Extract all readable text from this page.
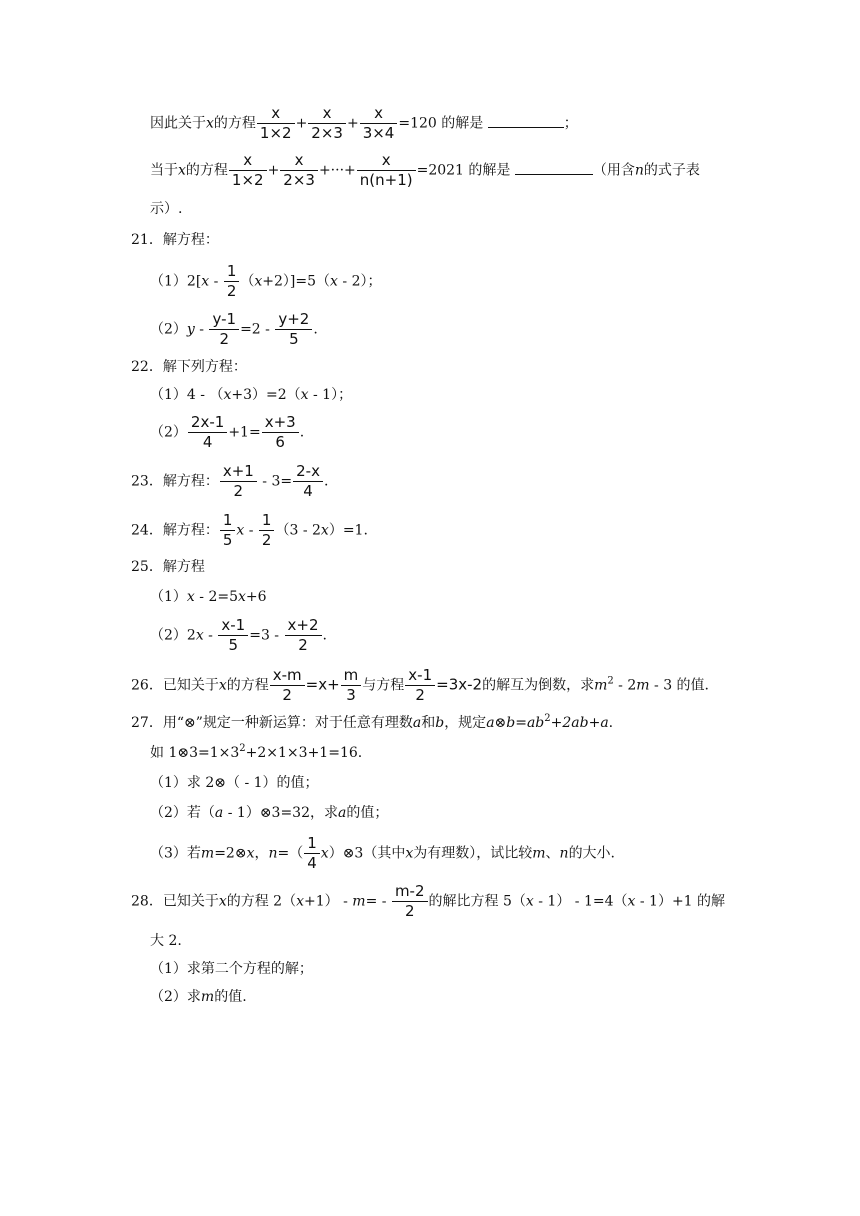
因此关于x的方程 $\frac{x}{1\times 2} + \frac{x}{2\times 3} + \frac{x}{3\times 4} =120$ 的解是	；
当于x的方程 $\frac{x}{1\times 2} + \frac{x}{2\times 3}$ +···+ $\frac{x}{n(n+1)} =2021$ 的解是	（用含n的式子表
示）.
21．解方程：
$(1)2[x - \frac{1}{2} (x+2)]=5(x - 2)$；
$(2)y - \frac{y-1}{2} =2 - \frac{y+2}{5}$ .
22．解下列方程：
（1）4 - （x+3）=2（x - 1）；
$(2) \frac{2x-1}{4} +1= \frac{x+3}{6}$ .
23．解方程： $\frac{x+1}{2} - 3= \frac{2-x}{4}$ .
24．解方程： $\frac{1}{5}$ $x - \frac{1}{2} (3 - 2x)=1$.
25．解方程
（1）x - 2=5x+6
$(2)2x - \frac{x-1}{5} =3 - \frac{x+2}{2}$ .
26．已知关于x的方程 $\frac{x-m}{2} =x+ \frac{m}{3}$ 与方程 $\frac{x-1}{2} =3x-2$的解互为倒数，求$m^2 - 2m - 3$ 的值.
27．用“⊗”规定一种新运算：对于任意有理数a和b，规定$a\otimes b=ab^2+2ab+a$.
如 $1\otimes 3=1\times 3^2+2\times 1\times 3+1=16$.
（1）求 2⊗（ - 1）的值；
（2）若（a - 1）⊗3=32，求a的值；
（3）若m=2⊗x，$n=( \frac{1}{4}$ x）⊗3（其中x为有理数），试比较m、n的大小.
28．已知关于x的方程 $2(x+1) - m= - \frac{m-2}{2}$ 的解比方程 5（x - 1） - 1=4（x - 1）+1 的解
大 2.
（1）求第二个方程的解；
（2）求m的值.
